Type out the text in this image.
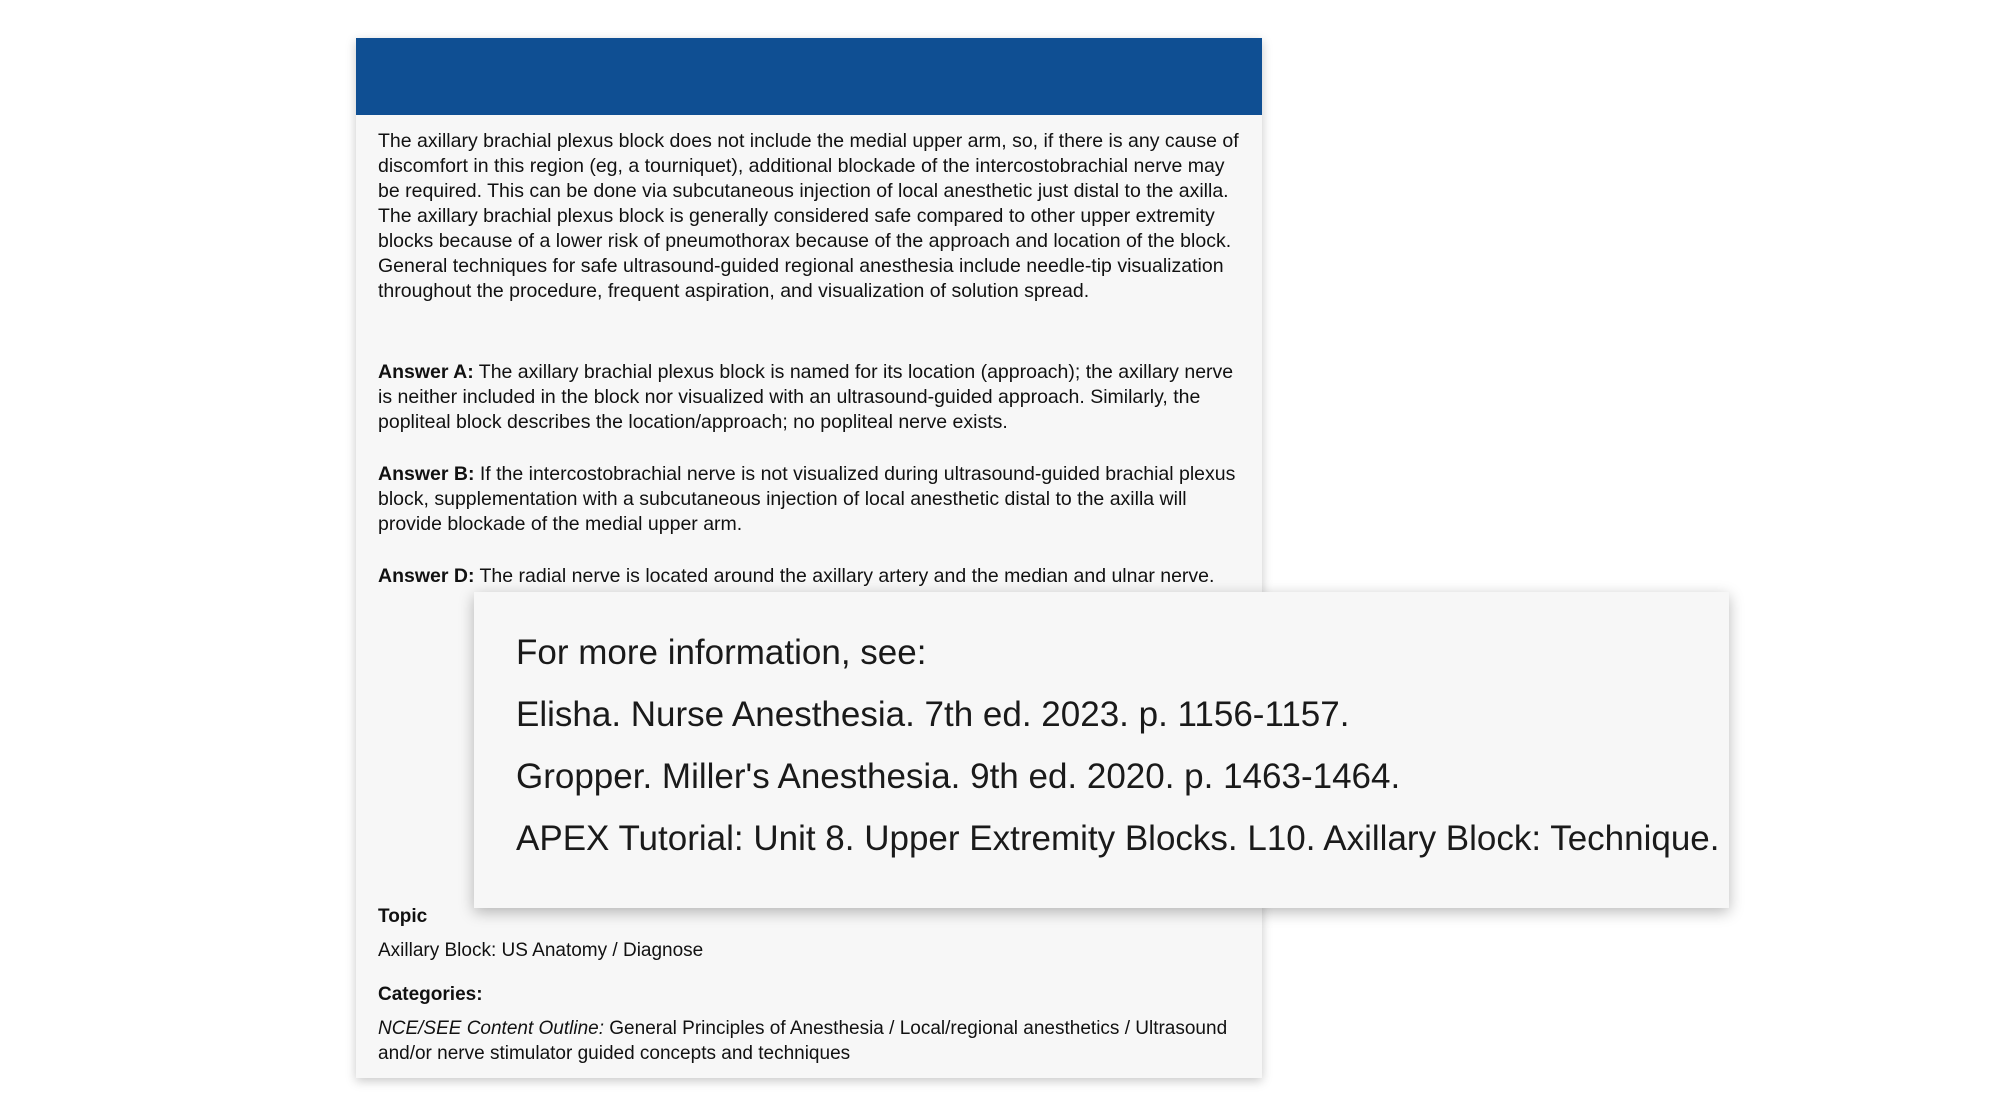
The axillary brachial plexus block does not include the medial upper arm, so, if there is any cause of discomfort in this region (eg, a tourniquet), additional blockade of the intercostobrachial nerve may be required. This can be done via subcutaneous injection of local anesthetic just distal to the axilla. The axillary brachial plexus block is generally considered safe compared to other upper extremity blocks because of a lower risk of pneumothorax because of the approach and location of the block. General techniques for safe ultrasound-guided regional anesthesia include needle-tip visualization throughout the procedure, frequent aspiration, and visualization of solution spread.

Answer A: The axillary brachial plexus block is named for its location (approach); the axillary nerve is neither included in the block nor visualized with an ultrasound-guided approach. Similarly, the popliteal block describes the location/approach; no popliteal nerve exists.

Answer B: If the intercostobrachial nerve is not visualized during ultrasound-guided brachial plexus block, supplementation with a subcutaneous injection of local anesthetic distal to the axilla will provide blockade of the medial upper arm.

Answer D: The radial nerve is located around the axillary artery and the median and ulnar nerve.

Topic

Axillary Block: US Anatomy / Diagnose

Categories:

NCE/SEE Content Outline: General Principles of Anesthesia / Local/regional anesthetics / Ultrasound and/or nerve stimulator guided concepts and techniques

For more information, see:

Elisha. Nurse Anesthesia. 7th ed. 2023. p. 1156-1157.

Gropper. Miller's Anesthesia. 9th ed. 2020. p. 1463-1464.

APEX Tutorial: Unit 8. Upper Extremity Blocks. L10. Axillary Block: Technique.
